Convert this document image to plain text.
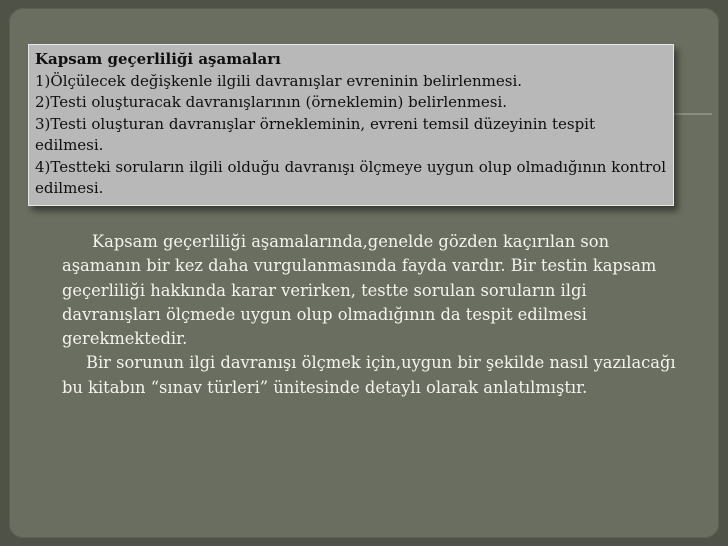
Kapsam geçerliliği aşamaları
1)Ölçülecek değişkenle ilgili davranışlar evreninin belirlenmesi.
2)Testi oluşturacak davranışlarının (örneklemin) belirlenmesi.
3)Testi oluşturan davranışlar örnekleminin, evreni temsil düzeyinin tespit edilmesi.
4)Testteki soruların ilgili olduğu davranışı ölçmeye uygun olup olmadığının kontrol edilmesi.

Kapsam geçerliliği aşamalarında,genelde gözden kaçırılan son aşamanın bir kez daha vurgulanmasında fayda vardır. Bir testin kapsam geçerliliği hakkında karar verirken, testte sorulan soruların ilgi davranışları ölçmede uygun olup olmadığının da tespit edilmesi gerekmektedir.

Bir sorunun ilgi davranışı ölçmek için,uygun bir şekilde nasıl yazılacağı bu kitabın “sınav türleri” ünitesinde detaylı olarak anlatılmıştır.
